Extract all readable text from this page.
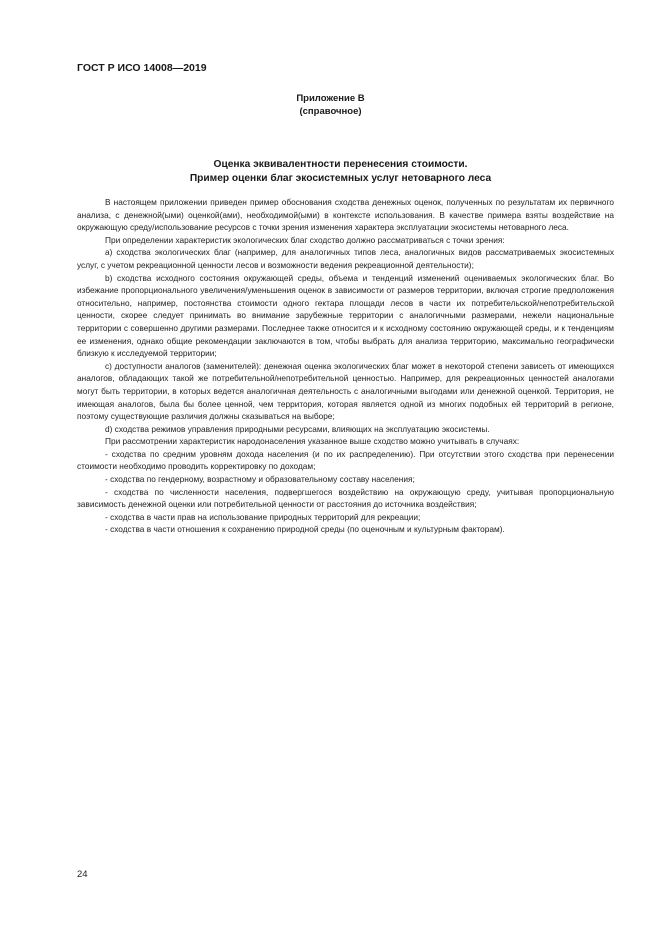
ГОСТ Р ИСО 14008—2019
Приложение В
(справочное)
Оценка эквивалентности перенесения стоимости.
Пример оценки благ экосистемных услуг нетоварного леса

В настоящем приложении приведен пример обоснования сходства денежных оценок, полученных по результатам их первичного анализа, с денежной(ыми) оценкой(ами), необходимой(ыми) в контексте использования. В качестве примера взяты воздействие на окружающую среду/использование ресурсов с точки зрения изменения характера эксплуатации экосистемы нетоварного леса.

При определении характеристик экологических благ сходство должно рассматриваться с точки зрения:

а) сходства экологических благ (например, для аналогичных типов леса, аналогичных видов рассматриваемых экосистемных услуг, с учетом рекреационной ценности лесов и возможности ведения рекреационной деятельности);

b) сходства исходного состояния окружающей среды, объема и тенденций изменений оцениваемых экологических благ. Во избежание пропорционального увеличения/уменьшения оценок в зависимости от размеров территории, включая строгие предположения относительно, например, постоянства стоимости одного гектара площади лесов в части их потребительской/непотребительской ценности, скорее следует принимать во внимание зарубежные территории с аналогичными размерами, нежели национальные территории с совершенно другими размерами. Последнее также относится и к исходному состоянию окружающей среды, и к тенденциям ее изменения, однако общие рекомендации заключаются в том, чтобы выбрать для анализа территорию, максимально географически близкую к исследуемой территории;

с) доступности аналогов (заменителей): денежная оценка экологических благ может в некоторой степени зависеть от имеющихся аналогов, обладающих такой же потребительной/непотребительной ценностью. Например, для рекреационных ценностей аналогами могут быть территории, в которых ведется аналогичная деятельность с аналогичными выгодами или денежной оценкой. Территория, не имеющая аналогов, была бы более ценной, чем территория, которая является одной из многих подобных ей территорий в регионе, поэтому существующие различия должны сказываться на выборе;

d) сходства режимов управления природными ресурсами, влияющих на эксплуатацию экосистемы.

При рассмотрении характеристик народонаселения указанное выше сходство можно учитывать в случаях:

- сходства по средним уровням дохода населения (и по их распределению). При отсутствии этого сходства при перенесении стоимости необходимо проводить корректировку по доходам;

- сходства по гендерному, возрастному и образовательному составу населения;

- сходства по численности населения, подвергшегося воздействию на окружающую среду, учитывая пропорциональную зависимость денежной оценки или потребительной ценности от расстояния до источника воздействия;

- сходства в части прав на использование природных территорий для рекреации;

- сходства в части отношения к сохранению природной среды (по оценочным и культурным факторам).

24
